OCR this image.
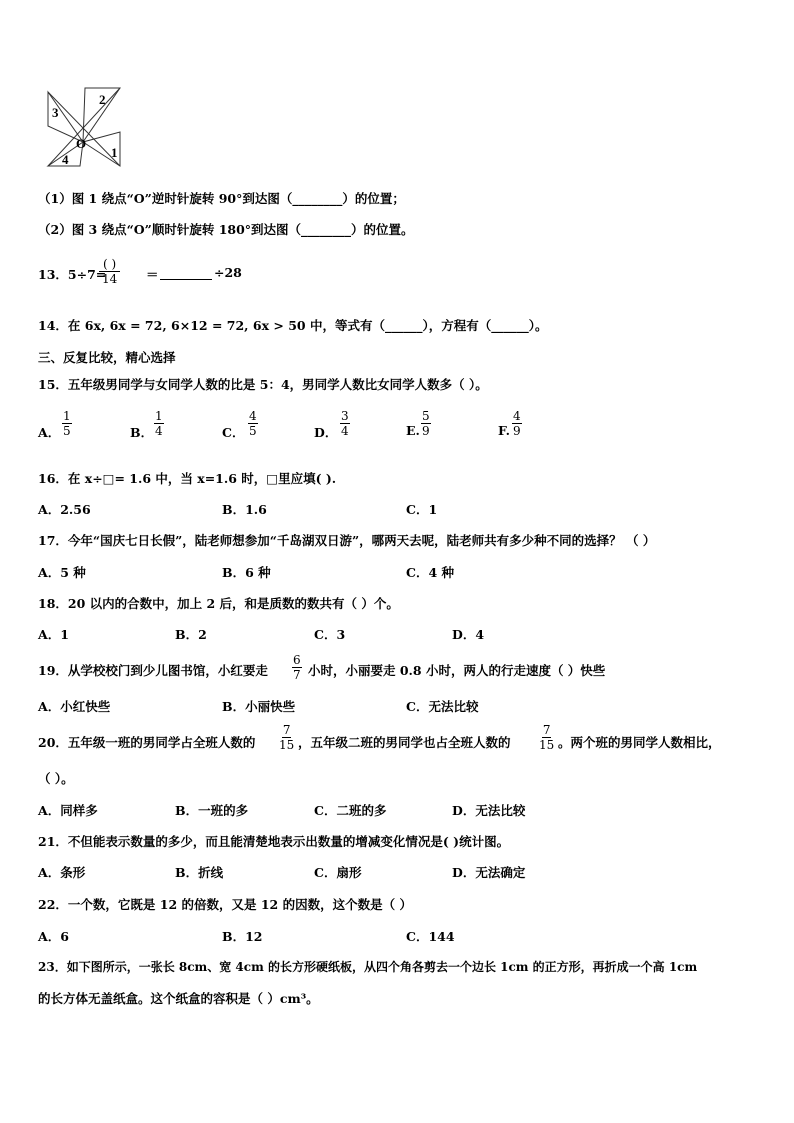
3
2
O
1
4
（1）图 1 绕点“O”逆时针旋转 90°到达图（________）的位置；
（2）图 3 绕点“O”顺时针旋转 180°到达图（________）的位置。
13．5÷7=
( )
14 ＝	÷28
14．在 6x, 6x = 72, 6×12 = 72, 6x > 50 中，等式有（______），方程有（______）。
三、反复比较，精心选择
15．五年级男同学与女同学人数的比是 5：4，男同学人数比女同学人数多（ ）。
A． $\frac{1}{5}$	B． $\frac{1}{4}$	C． $\frac{4}{5}$	D． $\frac{3}{4}$	E. $\frac{5}{9}$	F. $\frac{4}{9}$
16．在 x÷□= 1.6 中，当 x=1.6 时，□里应填( ).
A．2.56	B．1.6	C．1
17．今年“国庆七日长假”，陆老师想参加“千岛湖双日游”，哪两天去呢，陆老师共有多少种不同的选择？ （ ）
A．5 种	B．6 种	C．4 种
18．20 以内的合数中，加上 2 后，和是质数的数共有（ ）个。
A．1	B．2	C．3	D．4
19．从学校校门到少儿图书馆，小红要走 $\frac{6}{7}$ 小时，小丽要走 0.8 小时，两人的行走速度（ ）快些
A．小红快些	B．小丽快些	C．无法比较
20．五年级一班的男同学占全班人数的 $\frac{7}{15}$ ，五年级二班的男同学也占全班人数的 $\frac{7}{15}$ 。两个班的男同学人数相比，
（ ）。
A．同样多	B．一班的多	C．二班的多	D．无法比较
21．不但能表示数量的多少，而且能清楚地表示出数量的增减变化情况是( )统计图。
A．条形	B．折线	C．扇形	D．无法确定
22．一个数，它既是 12 的倍数，又是 12 的因数，这个数是（ ）
A．6	B．12	C．144
23．如下图所示，一张长 8cm、宽 4cm 的长方形硬纸板，从四个角各剪去一个边长 1cm 的正方形，再折成一个高 1cm
的长方体无盖纸盒。这个纸盒的容积是（ ）cm³。
